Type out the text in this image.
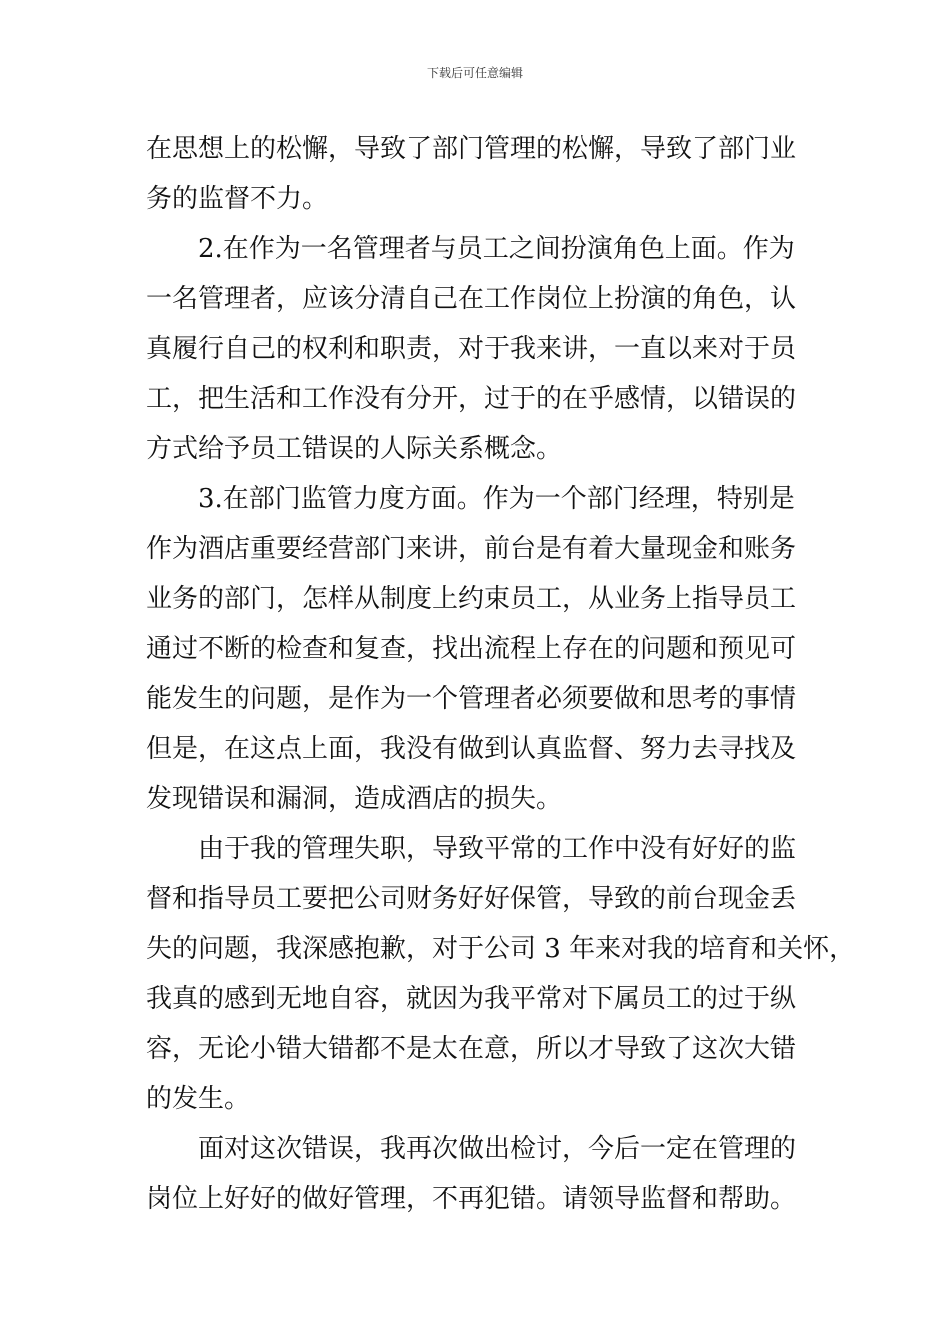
下载后可任意编辑
在思想上的松懈，导致了部门管理的松懈，导致了部门业
务的监督不力。
2.在作为一名管理者与员工之间扮演角色上面。作为
一名管理者，应该分清自己在工作岗位上扮演的角色，认
真履行自己的权利和职责，对于我来讲，一直以来对于员
工，把生活和工作没有分开，过于的在乎感情，以错误的
方式给予员工错误的人际关系概念。
3.在部门监管力度方面。作为一个部门经理，特别是
作为酒店重要经营部门来讲，前台是有着大量现金和账务
业务的部门，怎样从制度上约束员工，从业务上指导员工
通过不断的检查和复查，找出流程上存在的问题和预见可
能发生的问题，是作为一个管理者必须要做和思考的事情
但是，在这点上面，我没有做到认真监督、努力去寻找及
发现错误和漏洞，造成酒店的损失。
由于我的管理失职，导致平常的工作中没有好好的监
督和指导员工要把公司财务好好保管，导致的前台现金丢
失的问题，我深感抱歉，对于公司 3 年来对我的培育和关怀，
我真的感到无地自容，就因为我平常对下属员工的过于纵
容，无论小错大错都不是太在意，所以才导致了这次大错
的发生。
面对这次错误，我再次做出检讨，今后一定在管理的
岗位上好好的做好管理，不再犯错。请领导监督和帮助。
